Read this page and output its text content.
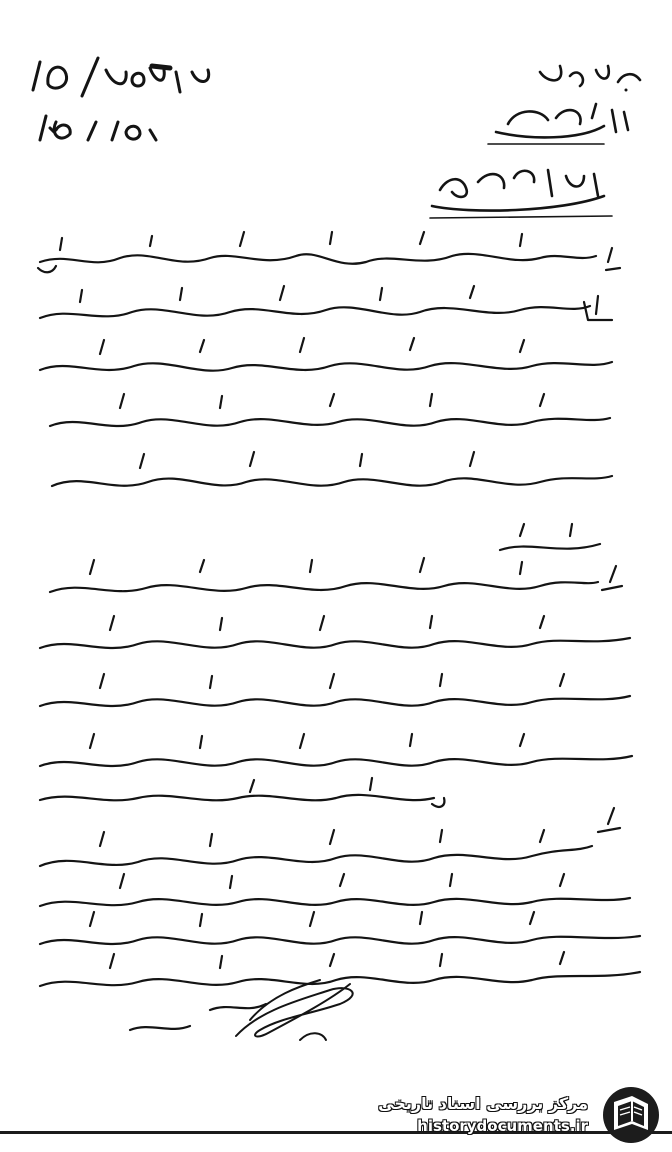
مرکز بررسی اسناد تاریخی
historydocuments.ir
